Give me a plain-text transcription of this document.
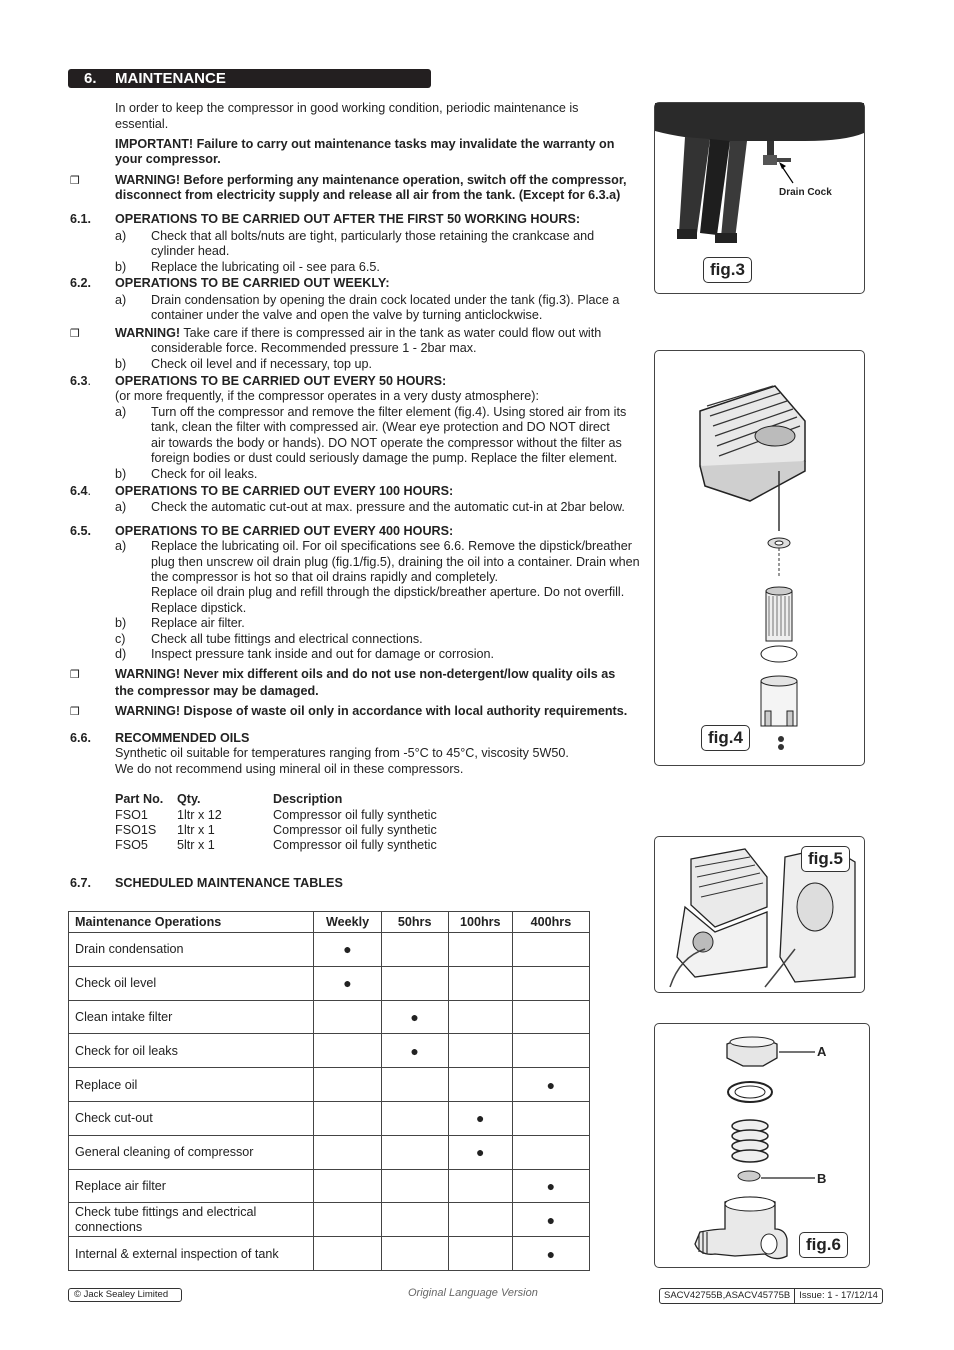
6. MAINTENANCE
In order to keep the compressor in good working condition, periodic maintenance is
essential.
IMPORTANT! Failure to carry out maintenance tasks may invalidate the warranty on
your compressor.
❒	WARNING! Before performing any maintenance operation, switch off the compressor,
disconnect from electricity supply and release all air from the tank. (Except for 6.3.a)
6.1. OPERATIONS TO BE CARRIED OUT AFTER THE FIRST 50 WORKING HOURS:
a) Check that all bolts/nuts are tight, particularly those retaining the crankcase and
cylinder head.
b) Replace the lubricating oil - see para 6.5.
6.2. OPERATIONS TO BE CARRIED OUT WEEKLY:
a) Drain condensation by opening the drain cock located under the tank (fig.3). Place a
container under the valve and open the valve by turning anticlockwise.
❒	WARNING! Take care if there is compressed air in the tank as water could flow out with
considerable force. Recommended pressure 1 - 2bar max.
b) Check oil level and if necessary, top up.
6.3. OPERATIONS TO BE CARRIED OUT EVERY 50 HOURS:
(or more frequently, if the compressor operates in a very dusty atmosphere):
a) Turn off the compressor and remove the filter element (fig.4). Using stored air from its
tank, clean the filter with compressed air. (Wear eye protection and DO NOT direct
air towards the body or hands). DO NOT operate the compressor without the filter as
foreign bodies or dust could seriously damage the pump. Replace the filter element.
b) Check for oil leaks.
6.4. OPERATIONS TO BE CARRIED OUT EVERY 100 HOURS:
a) Check the automatic cut-out at max. pressure and the automatic cut-in at 2bar below.
6.5. OPERATIONS TO BE CARRIED OUT EVERY 400 HOURS:
a) Replace the lubricating oil. For oil specifications see 6.6. Remove the dipstick/breather
plug then unscrew oil drain plug (fig.1/fig.5), draining the oil into a container. Drain when
the compressor is hot so that oil drains rapidly and completely.
Replace oil drain plug and refill through the dipstick/breather aperture. Do not overfill.
Replace dipstick.
b) Replace air filter.
c) Check all tube fittings and electrical connections.
d) Inspect pressure tank inside and out for damage or corrosion.
❒	WARNING! Never mix different oils and do not use non-detergent/low quality oils as
the compressor may be damaged.
❒	WARNING! Dispose of waste oil only in accordance with local authority requirements.
6.6. RECOMMENDED OILS
Synthetic oil suitable for temperatures ranging from -5°C to 45°C, viscosity 5W50.
We do not recommend using mineral oil in these compressors.
Part No. Qty.	Description
FSO1 1ltr x 12	Compressor oil fully synthetic
FSO1S 1ltr x 1	Compressor oil fully synthetic
FSO5 5ltr x 1	Compressor oil fully synthetic
6.7. SCHEDULED MAINTENANCE TABLES
Maintenance Operations	Weekly	50hrs	100hrs	400hrs
Drain condensation	●			
Check oil level	●			
Clean intake filter		●		
Check for oil leaks		●		
Replace oil				●
Check cut-out			●	
General cleaning of compressor			●	
Replace air filter				●
Check tube fittings and electrical
connections				●
Internal & external inspection of tank				●
Drain Cock
fig.3
fig.4
fig.5
A
B
fig.6
© Jack Sealey Limited	Original Language Version	SACV42755B,ASACV45775B Issue: 1 - 17/12/14
